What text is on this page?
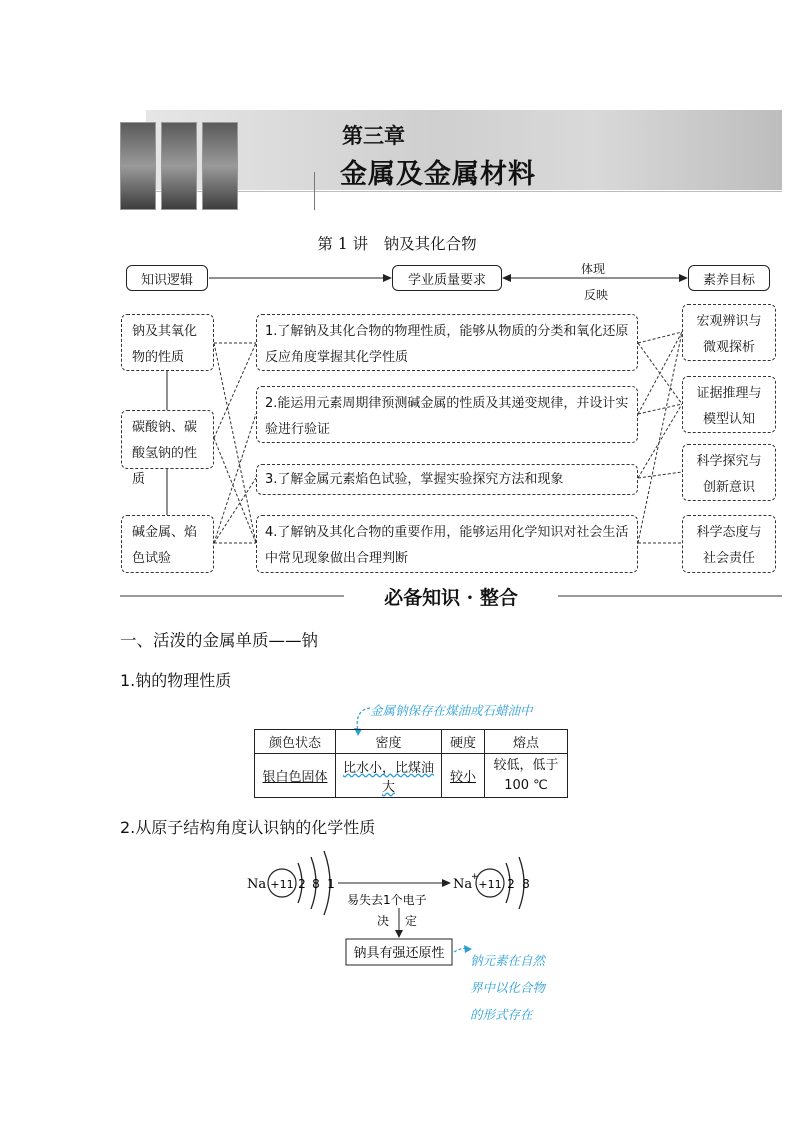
第三章
金属及金属材料
第 1 讲　钠及其化合物
知识逻辑	学业质量要求	素养目标
体现
反映
钠及其氧化物的性质
碳酸钠、碳酸氢钠的性质
碱金属、焰色试验
1.了解钠及其化合物的物理性质，能够从物质的分类和氧化还原反应角度掌握其化学性质
2.能运用元素周期律预测碱金属的性质及其递变规律，并设计实验进行验证
3.了解金属元素焰色试验，掌握实验探究方法和现象
4.了解钠及其化合物的重要作用，能够运用化学知识对社会生活中常见现象做出合理判断
宏观辨识与微观探析
证据推理与模型认知
科学探究与创新意识
科学态度与社会责任
必备知识 · 整合
一、活泼的金属单质——钠
1.钠的物理性质
金属钠保存在煤油或石蜡油中
颜色状态	密度	硬度	熔点
银白色固体	比水小，比煤油大	较小	较低，低于 100 ℃
2.从原子结构角度认识钠的化学性质
Na +11 2 8 1
易失去1个电子
Na
+
+11 2 8
决 定
钠具有强还原性 钠元素在自然界中以化合物的形式存在
